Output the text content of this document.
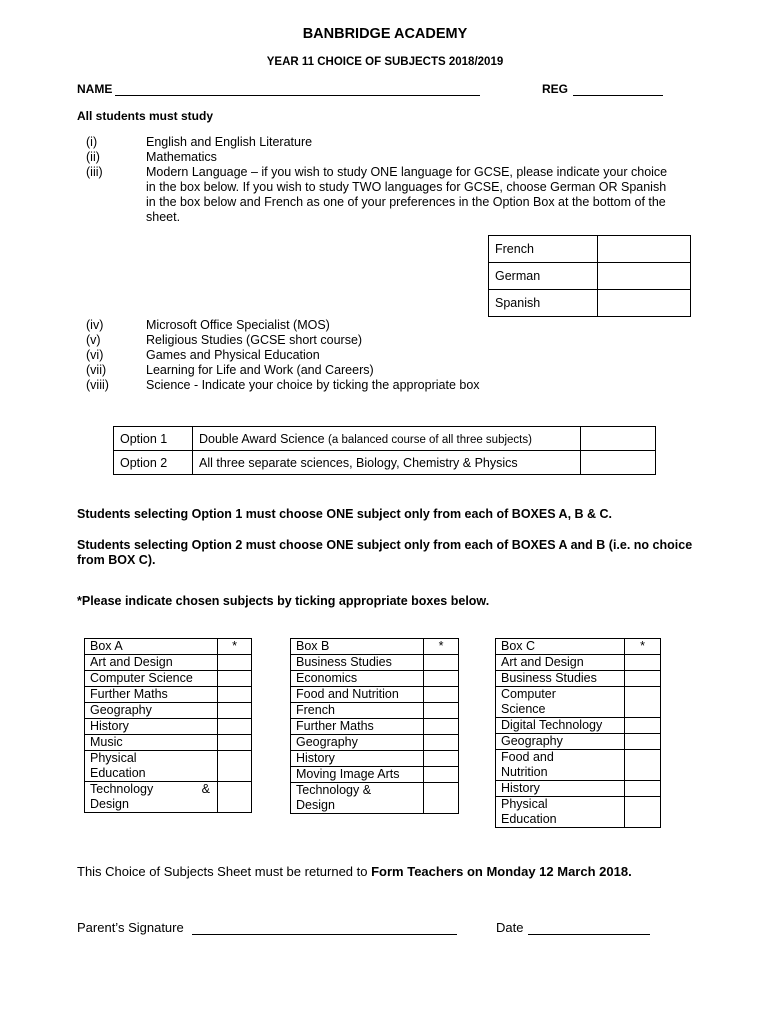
BANBRIDGE ACADEMY
YEAR 11 CHOICE OF SUBJECTS 2018/2019
NAME	REG
All students must study
(i)	English and English Literature
(ii)	Mathematics
(iii)	Modern Language – if you wish to study ONE language for GCSE, please indicate your choice in the box below. If you wish to study TWO languages for GCSE, choose German OR Spanish in the box below and French as one of your preferences in the Option Box at the bottom of the sheet.
French	
German	
Spanish	
(iv)	Microsoft Office Specialist (MOS)
(v)	Religious Studies (GCSE short course)
(vi)	Games and Physical Education
(vii)	Learning for Life and Work (and Careers)
(viii)	Science - Indicate your choice by ticking the appropriate box
Option 1	Double Award Science (a balanced course of all three subjects)	
Option 2	All three separate sciences, Biology, Chemistry & Physics	
Students selecting Option 1 must choose ONE subject only from each of BOXES A, B & C.
Students selecting Option 2 must choose ONE subject only from each of BOXES A and B (i.e. no choice from BOX C).
*Please indicate chosen subjects by ticking appropriate boxes below.
Box A	*
Art and Design	
Computer Science	
Further Maths	
Geography	
History	
Music	

Physical Education	

Technology & Design	

Box B	*
Business Studies	
Economics	
Food and Nutrition	
French	
Further Maths	
Geography	
History	
Moving Image Arts	

Technology & Design	

Box C	*
Art and Design	
Business Studies	

Computer Science	

Digital Technology	
Geography	

Food and Nutrition	

History	

Physical Education	

This Choice of Subjects Sheet must be returned to Form Teachers on Monday 12 March 2018.
Parent’s Signature	Date
